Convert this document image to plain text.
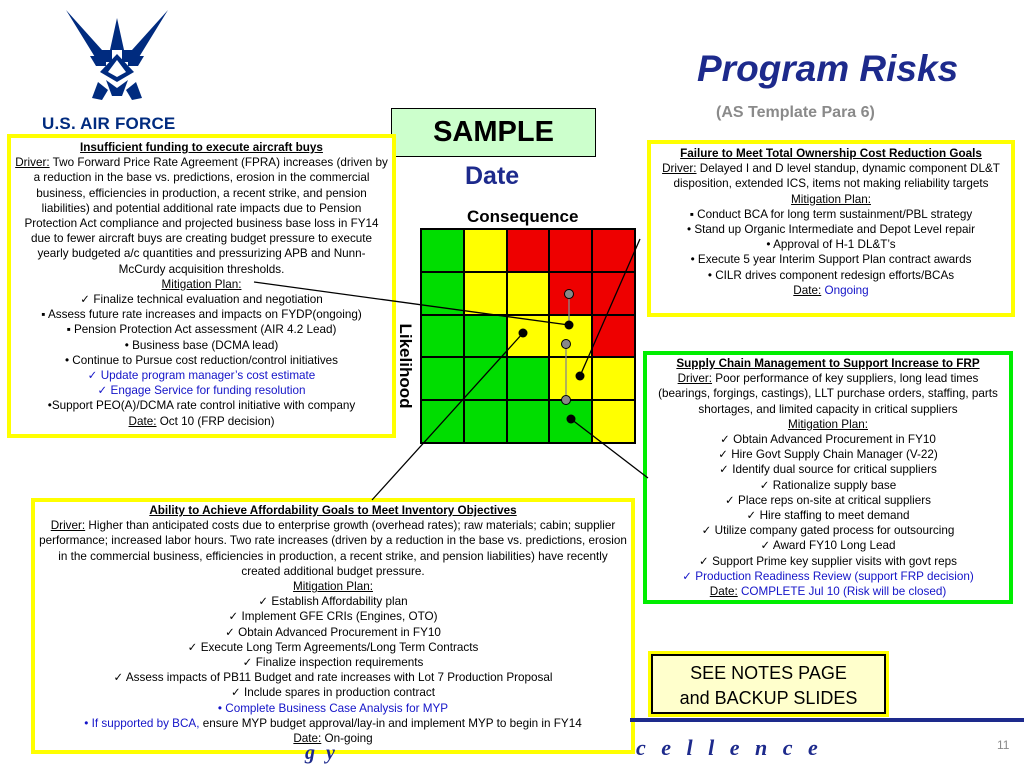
U.S. AIR FORCE
Program Risks
(AS Template Para 6)
SAMPLE
Date
Consequence
Likelihood
Insufficient funding to execute aircraft buys
Driver: Two Forward Price Rate Agreement (FPRA) increases (driven by a reduction in the base vs. predictions, erosion in the commercial business, efficiencies in production, a recent strike, and pension liabilities) and potential additional rate impacts due to Pension Protection Act compliance and projected business base loss in FY14 due to fewer aircraft buys are creating budget pressure to execute yearly budgeted a/c quantities and pressurizing APB and Nunn-McCurdy acquisition thresholds.
Mitigation Plan:
✓ Finalize technical evaluation and negotiation
▪ Assess future rate increases and impacts on FYDP(ongoing)
▪ Pension Protection Act assessment (AIR 4.2 Lead)
• Business base (DCMA lead)
• Continue to Pursue cost reduction/control initiatives
✓ Update program manager’s cost estimate
✓ Engage Service for funding resolution
•Support PEO(A)/DCMA rate control initiative with company
Date: Oct 10 (FRP decision)
Failure to Meet Total Ownership Cost Reduction Goals
Driver: Delayed I and D level standup, dynamic component DL&T disposition, extended ICS, items not making reliability targets
Mitigation Plan:
▪ Conduct BCA for long term sustainment/PBL strategy
• Stand up Organic Intermediate and Depot Level repair
• Approval of H-1 DL&T’s
• Execute 5 year Interim Support Plan contract awards
• CILR drives component redesign efforts/BCAs
Date: Ongoing
Supply Chain Management to Support Increase to FRP
Driver: Poor performance of key suppliers, long lead times (bearings, forgings, castings), LLT purchase orders, staffing, parts shortages, and limited capacity in critical suppliers
Mitigation Plan:
✓ Obtain Advanced Procurement in FY10
✓ Hire Govt Supply Chain Manager (V-22)
✓ Identify dual source for critical suppliers
✓ Rationalize supply base
✓ Place reps on-site at critical suppliers
✓ Hire staffing to meet demand
✓ Utilize company gated process for outsourcing
✓ Award FY10 Long Lead
✓ Support Prime key supplier visits with govt reps
✓ Production Readiness Review (support FRP decision)
Date: COMPLETE Jul 10 (Risk will be closed)
Ability to Achieve Affordability Goals to Meet Inventory Objectives
Driver: Higher than anticipated costs due to enterprise growth (overhead rates); raw materials; cabin; supplier performance; increased labor hours. Two rate increases (driven by a reduction in the base vs. predictions, erosion in the commercial business, efficiencies in production, a recent strike, and pension liabilities) have recently created additional budget pressure.
Mitigation Plan:
✓ Establish Affordability plan
✓ Implement GFE CRIs (Engines, OTO)
✓ Obtain Advanced Procurement in FY10
✓ Execute Long Term Agreements/Long Term Contracts
✓ Finalize inspection requirements
✓ Assess impacts of PB11 Budget and rate increases with Lot 7 Production Proposal
✓ Include spares in production contract
• Complete Business Case Analysis for MYP
• If supported by BCA, ensure MYP budget approval/lay-in and implement MYP to begin in FY14
Date: On-going
SEE NOTES PAGE
and BACKUP SLIDES
g y	c e l l e n c e	11
